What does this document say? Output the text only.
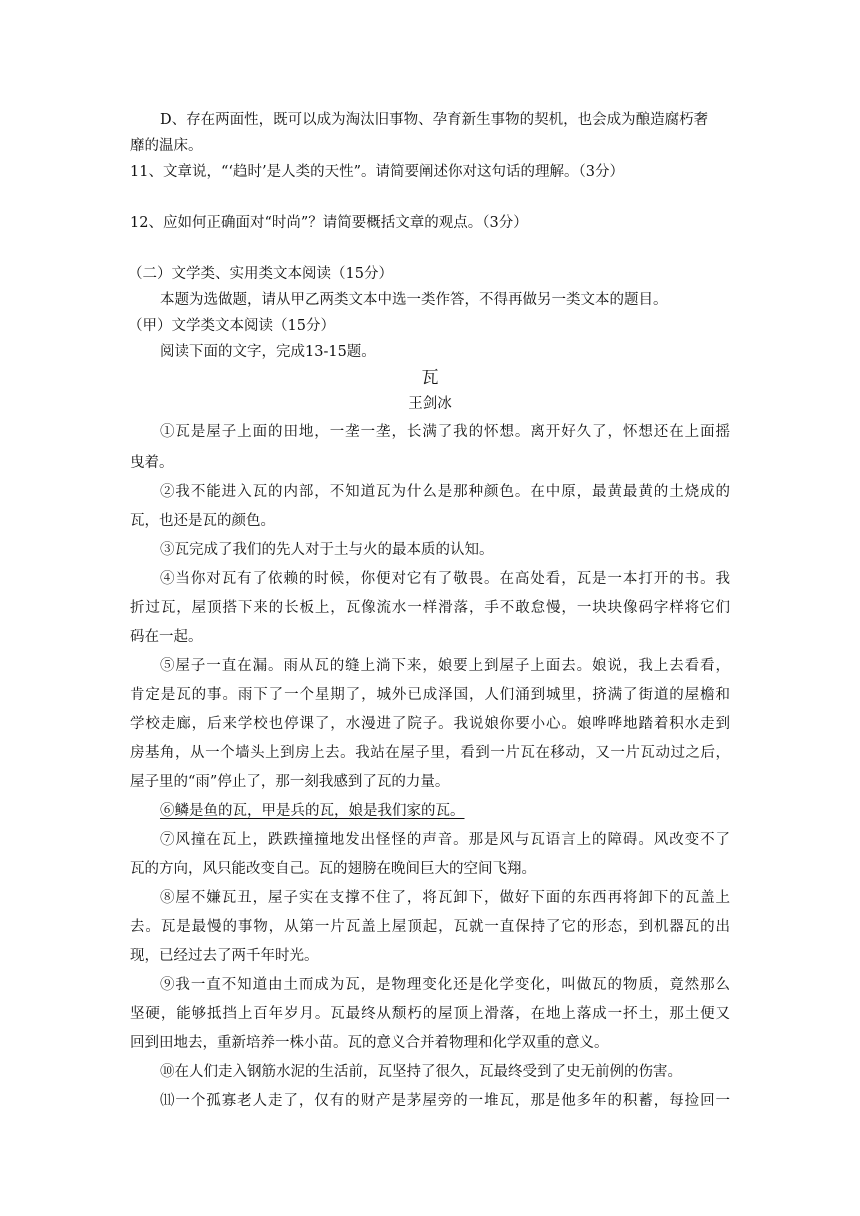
D、存在两面性，既可以成为淘汰旧事物、孕育新生事物的契机，也会成为酿造腐朽奢

靡的温床。

11、文章说，“‘趋时’是人类的天性”。请简要阐述你对这句话的理解。（3分）

12、应如何正确面对“时尚”？请简要概括文章的观点。（3分）

（二）文学类、实用类文本阅读（15分）

本题为选做题，请从甲乙两类文本中选一类作答，不得再做另一类文本的题目。

（甲）文学类文本阅读（15分）

阅读下面的文字，完成13-15题。

瓦

王剑冰

①瓦是屋子上面的田地，一垄一垄，长满了我的怀想。离开好久了，怀想还在上面摇

曳着。

②我不能进入瓦的内部，不知道瓦为什么是那种颜色。在中原，最黄最黄的土烧成的

瓦，也还是瓦的颜色。

③瓦完成了我们的先人对于土与火的最本质的认知。

④当你对瓦有了依赖的时候，你便对它有了敬畏。在高处看，瓦是一本打开的书。我

折过瓦，屋顶搭下来的长板上，瓦像流水一样滑落，手不敢怠慢，一块块像码字样将它们

码在一起。

⑤屋子一直在漏。雨从瓦的缝上淌下来，娘要上到屋子上面去。娘说，我上去看看，

肯定是瓦的事。雨下了一个星期了，城外已成泽国，人们涌到城里，挤满了街道的屋檐和

学校走廊，后来学校也停课了，水漫进了院子。我说娘你要小心。娘哗哗地踏着积水走到

房基角，从一个墙头上到房上去。我站在屋子里，看到一片瓦在移动，又一片瓦动过之后，

屋子里的“雨”停止了，那一刻我感到了瓦的力量。

⑥鳞是鱼的瓦，甲是兵的瓦，娘是我们家的瓦。

⑦风撞在瓦上，跌跌撞撞地发出怪怪的声音。那是风与瓦语言上的障碍。风改变不了

瓦的方向，风只能改变自己。瓦的翅膀在晚间巨大的空间飞翔。

⑧屋不嫌瓦丑，屋子实在支撑不住了，将瓦卸下，做好下面的东西再将卸下的瓦盖上

去。瓦是最慢的事物，从第一片瓦盖上屋顶起，瓦就一直保持了它的形态，到机器瓦的出

现，已经过去了两千年时光。

⑨我一直不知道由土而成为瓦，是物理变化还是化学变化，叫做瓦的物质，竟然那么

坚硬，能够抵挡上百年岁月。瓦最终从颓朽的屋顶上滑落，在地上落成一抔土，那土便又

回到田地去，重新培养一株小苗。瓦的意义合并着物理和化学双重的意义。

⑩在人们走入钢筋水泥的生活前，瓦坚持了很久，瓦最终受到了史无前例的伤害。

⑾一个孤寡老人走了，仅有的财产是茅屋旁的一堆瓦，那是他多年的积蓄，每捡回一
